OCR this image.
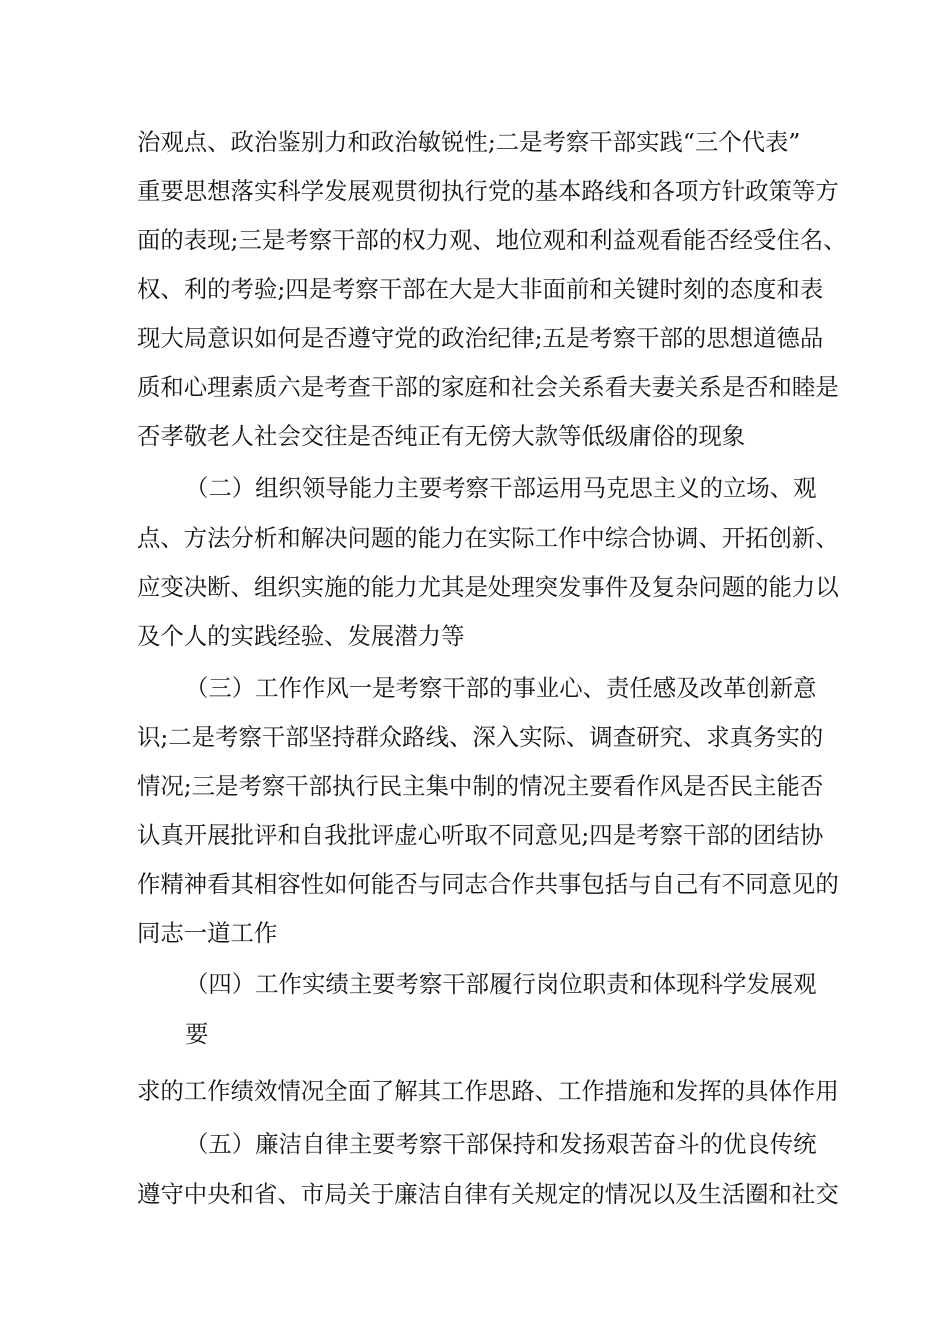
治观点、政治鉴别力和政治敏锐性;二是考察干部实践“三个代表”
重要思想落实科学发展观贯彻执行党的基本路线和各项方针政策等方
面的表现;三是考察干部的权力观、地位观和利益观看能否经受住名、
权、利的考验;四是考察干部在大是大非面前和关键时刻的态度和表
现大局意识如何是否遵守党的政治纪律;五是考察干部的思想道德品
质和心理素质六是考查干部的家庭和社会关系看夫妻关系是否和睦是
否孝敬老人社会交往是否纯正有无傍大款等低级庸俗的现象
（二）组织领导能力主要考察干部运用马克思主义的立场、观
点、方法分析和解决问题的能力在实际工作中综合协调、开拓创新、
应变决断、组织实施的能力尤其是处理突发事件及复杂问题的能力以
及个人的实践经验、发展潜力等
（三）工作作风一是考察干部的事业心、责任感及改革创新意
识;二是考察干部坚持群众路线、深入实际、调查研究、求真务实的
情况;三是考察干部执行民主集中制的情况主要看作风是否民主能否
认真开展批评和自我批评虚心听取不同意见;四是考察干部的团结协
作精神看其相容性如何能否与同志合作共事包括与自己有不同意见的
同志一道工作
（四）工作实绩主要考察干部履行岗位职责和体现科学发展观
要
求的工作绩效情况全面了解其工作思路、工作措施和发挥的具体作用
（五）廉洁自律主要考察干部保持和发扬艰苦奋斗的优良传统
遵守中央和省、市局关于廉洁自律有关规定的情况以及生活圈和社交
